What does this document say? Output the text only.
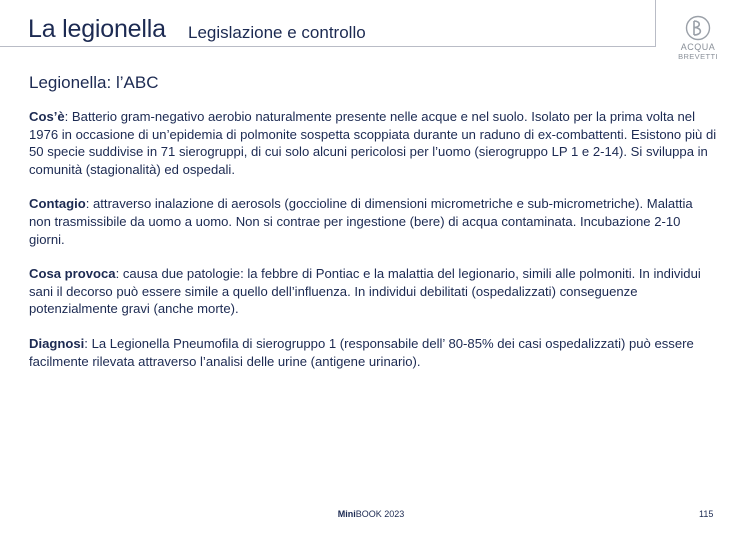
La legionella Legislazione e controllo
ACQUA
BREVETTI
Legionella: l’ABC

Cos’è: Batterio gram-negativo aerobio naturalmente presente nelle acque e nel suolo. Isolato per la prima volta nel 1976 in occasione di un’epidemia di polmonite sospetta scoppiata durante un raduno di ex-combattenti. Esistono più di 50 specie suddivise in 71 sierogruppi, di cui solo alcuni pericolosi per l’uomo (sierogruppo LP 1 e 2-14). Si sviluppa in comunità (stagionalità) ed ospedali.

Contagio: attraverso inalazione di aerosols (goccioline di dimensioni micrometriche e sub-micrometriche). Malattia non trasmissibile da uomo a uomo. Non si contrae per ingestione (bere) di acqua contaminata. Incubazione 2-10 giorni.

Cosa provoca: causa due patologie: la febbre di Pontiac e la malattia del legionario, simili alle polmoniti. In individui sani il decorso può essere simile a quello dell’influenza. In individui debilitati (ospedalizzati) conseguenze potenzialmente gravi (anche morte).

Diagnosi: La Legionella Pneumofila di sierogruppo 1 (responsabile dell’ 80-85% dei casi ospedalizzati) può essere facilmente rilevata attraverso l’analisi delle urine (antigene urinario).

MiniBOOK 2023	115
